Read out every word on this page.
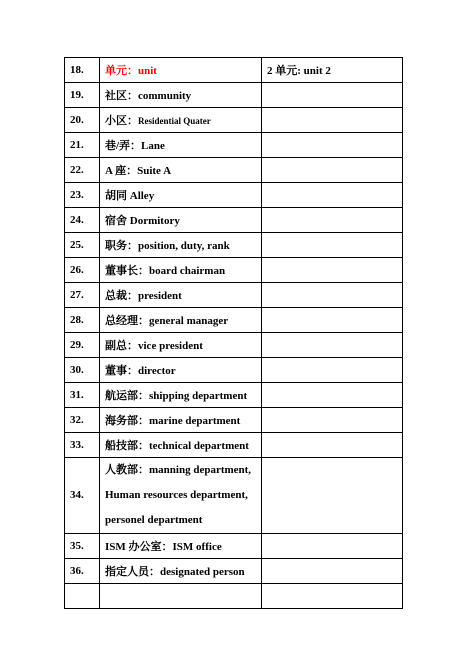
18.	单元：unit	2 单元: unit 2
19.	社区：community	
20.	小区：Residential Quater	
21.	巷/弄：Lane	
22.	A 座：Suite A	
23.	胡同 Alley	
24.	宿舍 Dormitory	
25.	职务：position, duty, rank	
26.	董事长：board chairman	
27.	总裁：president	
28.	总经理：general manager	
29.	副总：vice president	
30.	董事：director	
31.	航运部：shipping department	
32.	海务部：marine department	
33.	船技部：technical department	
34.	人教部：manning department,
Human resources department,
personel department	

35.	ISM 办公室：ISM office	
36.	指定人员：designated person	
